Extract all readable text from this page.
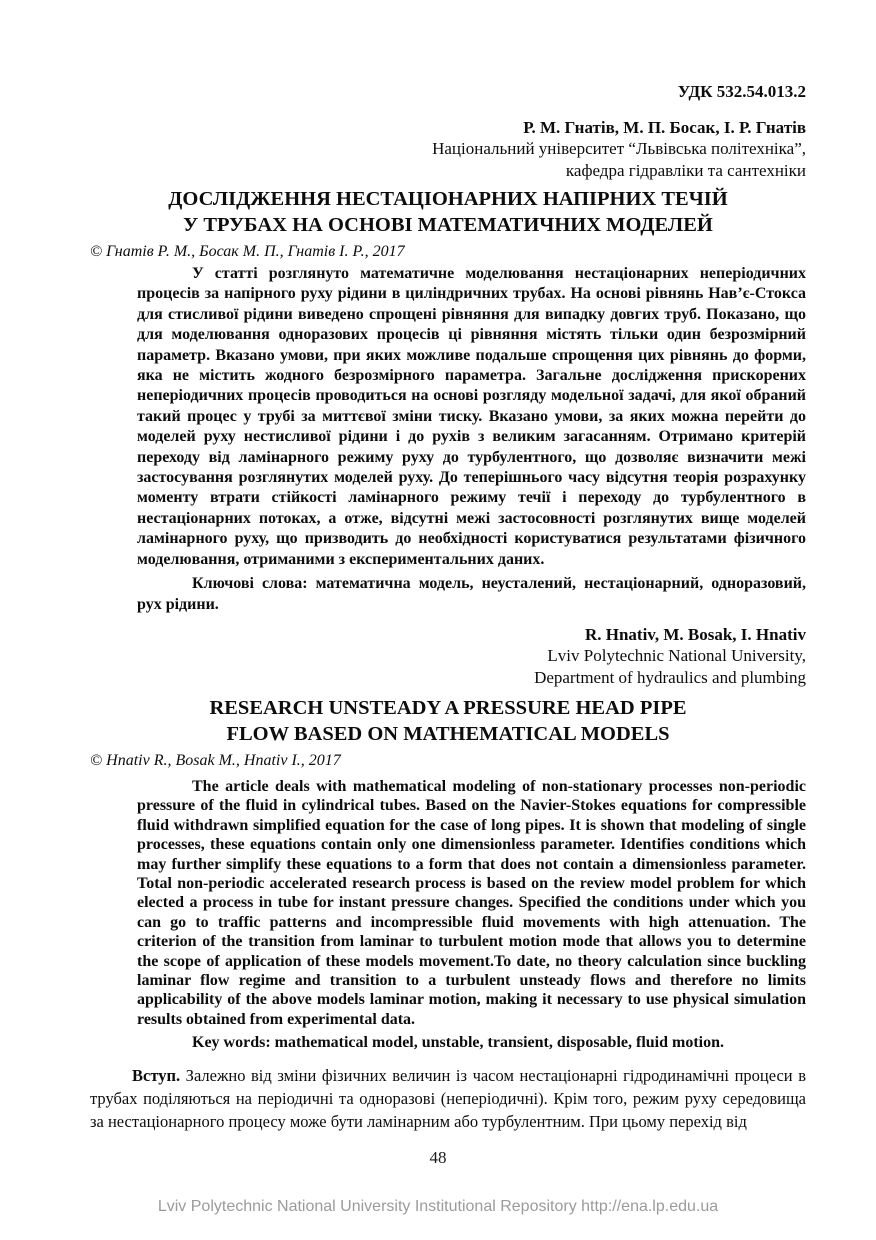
УДК 532.54.013.2
Р. М. Гнатів, М. П. Босак, І. Р. Гнатів
Національний університет “Львівська політехніка”,
кафедра гідравліки та сантехніки
ДОСЛІДЖЕННЯ НЕСТАЦІОНАРНИХ НАПІРНИХ ТЕЧІЙ
У ТРУБАХ НА ОСНОВІ МАТЕМАТИЧНИХ МОДЕЛЕЙ
© Гнатів Р. М., Босак М. П., Гнатів І. Р., 2017

У статті розглянуто математичне моделювання нестаціонарних неперіодичних процесів за напірного руху рідини в циліндричних трубах. На основі рівнянь Нав’є-Стокса для стисливої рідини виведено спрощені рівняння для випадку довгих труб. Показано, що для моделювання одноразових процесів ці рівняння містять тільки один безрозмірний параметр. Вказано умови, при яких можливе подальше спрощення цих рівнянь до форми, яка не містить жодного безрозмірного параметра. Загальне дослідження прискорених неперіодичних процесів проводиться на основі розгляду модельної задачі, для якої обраний такий процес у трубі за миттєвої зміни тиску. Вказано умови, за яких можна перейти до моделей руху нестисливої рідини і до рухів з великим загасанням. Отримано критерій переходу від ламінарного режиму руху до турбулентного, що дозволяє визначити межі застосування розглянутих моделей руху. До теперішнього часу відсутня теорія розрахунку моменту втрати стійкості ламінарного режиму течії і переходу до турбулентного в нестаціонарних потоках, а отже, відсутні межі застосовності розглянутих вище моделей ламінарного руху, що призводить до необхідності користуватися результатами фізичного моделювання, отриманими з експериментальних даних.

Ключові слова: математична модель, неусталений, нестаціонарний, одноразовий, рух рідини.

R. Hnativ, M. Bosak, I. Hnativ
Lviv Polytechnic National University,
Department of hydraulics and plumbing
RESEARCH UNSTEADY A PRESSURE HEAD PIPE
FLOW BASED ON MATHEMATICAL MODELS
© Hnativ R., Bosak M., Hnativ I., 2017

The article deals with mathematical modeling of non-stationary processes non-periodic pressure of the fluid in cylindrical tubes. Based on the Navier-Stokes equations for compressible fluid withdrawn simplified equation for the case of long pipes. It is shown that modeling of single processes, these equations contain only one dimensionless parameter. Identifies conditions which may further simplify these equations to a form that does not contain a dimensionless parameter. Total non-periodic accelerated research process is based on the review model problem for which elected a process in tube for instant pressure changes. Specified the conditions under which you can go to traffic patterns and incompressible fluid movements with high attenuation. The criterion of the transition from laminar to turbulent motion mode that allows you to determine the scope of application of these models movement.To date, no theory calculation since buckling laminar flow regime and transition to a turbulent unsteady flows and therefore no limits applicability of the above models laminar motion, making it necessary to use physical simulation results obtained from experimental data.

Key words: mathematical model, unstable, transient, disposable, fluid motion.

Вступ. Залежно від зміни фізичних величин із часом нестаціонарні гідродинамічні процеси в трубах поділяються на періодичні та одноразові (неперіодичні). Крім того, режим руху середовища за нестаціонарного процесу може бути ламінарним або турбулентним. При цьому перехід від

48
Lviv Polytechnic National University Institutional Repository http://ena.lp.edu.ua
